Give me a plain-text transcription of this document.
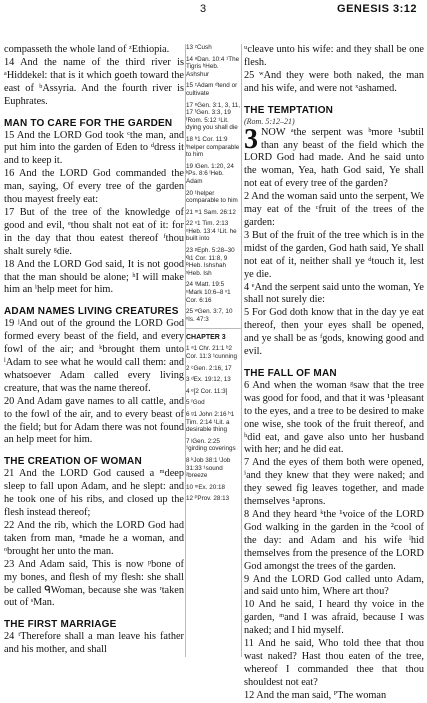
3	GENESIS 3:12

compasseth the whole land of ᶻEthiopia.

14 And the name of the third river is ᵃHiddekel: that is it which goeth toward the east of ᵇAssyria. And the fourth river is Euphrates.

MAN TO CARE FOR THE GARDEN

15 And the LORD God took ᶜthe man, and put him into the garden of Eden to ᵈdress it and to keep it.

16 And the LORD God commanded the man, saying, Of every tree of the garden thou mayest freely eat:

17 But of the tree of the knowledge of good and evil, ᵉthou shalt not eat of it: for in the day that thou eatest thereof ᶠthou shalt surely ᵍdie.

18 And the LORD God said, It is not good that the man should be alone; ʰI will make him an ⁱhelp meet for him.

ADAM NAMES LIVING CREATURES

19 ʲAnd out of the ground the LORD God formed every beast of the field, and every fowl of the air; and ᵏbrought them unto ˡAdam to see what he would call them: and whatsoever Adam called every living creature, that was the name thereof.

20 And Adam gave names to all cattle, and to the fowl of the air, and to every beast of the field; but for Adam there was not found an help meet for him.

THE CREATION OF WOMAN

21 And the LORD God caused a ᵐdeep sleep to fall upon Adam, and he slept: and he took one of his ribs, and closed up the flesh instead thereof;

22 And the rib, which the LORD God had taken from man, ⁿmade he a woman, and ᵒbrought her unto the man.

23 And Adam said, This is now ᵖbone of my bones, and flesh of my flesh: she shall be called ᑫWoman, because she was ʳtaken out of ˢMan.

THE FIRST MARRIAGE

24 ᵗTherefore shall a man leave his father and his mother, and shall

13 ᶻCush
14 ᵃDan. 10:4 ¹The Tigris ᵇHeb. Ashshur
15 ᶜAdam ᵈtend or cultivate
17 ᵉGen. 3:1, 3, 11, 17 ᶠGen. 3:3, 19 ᶠRom. 5:12 ¹Lit. dying you shall die
18 ʰ1 Cor. 11:9 ⁱhelper comparable to him
19 ʲGen. 1:20, 24 ᵏPs. 8:6 ˡHeb. Adam
20 ¹helper comparable to him
21 ᵐ1 Sam. 26:12
22 ⁿ1 Tim. 2:13 ᵒHeb. 13:4 ¹Lit. he built into
23 ᵖEph. 5:28–30 ᑫ1 Cor. 11:8, 9 ᴿHeb. Ishshah ˢHeb. Ish
24 ᵗMatt. 19:5 ᵘMark 10:6–8 ᵛ1 Cor. 6:16
25 ʷGen. 3:7, 10 ˣIs. 47:3
CHAPTER 3
1 ᵃ1 Chr. 21:1 ᵇ2 Cor. 11:3 ¹cunning
2 ᶜGen. 2:16, 17
3 ᵈEx. 19:12, 13
4 ᵉ[2 Cor. 11:3]
5 ᶠGod
6 ᵍ1 John 2:16 ʰ1 Tim. 2:14 ¹Lit. a desirable thing
7 ʲGen. 2:25 ¹girding coverings
8 ᵏJob 38:1 ˡJob 31:33 ¹sound ²breeze
10 ᵐEx. 20:18
12 ᴾProv. 28:13

ᵘcleave unto his wife: and they shall be one flesh.

25 ʷAnd they were both naked, the man and his wife, and were not ˣashamed.

THE TEMPTATION

(Rom. 5:12–21)

3 NOW ᵃthe serpent was ᵇmore ¹subtil than any beast of the field which the LORD God had made. And he said unto the woman, Yea, hath God said, Ye shall not eat of every tree of the garden?

2 And the woman said unto the serpent, We may eat of the ᶜfruit of the trees of the garden:

3 But of the fruit of the tree which is in the midst of the garden, God hath said, Ye shall not eat of it, neither shall ye ᵈtouch it, lest ye die.

4 ᵉAnd the serpent said unto the woman, Ye shall not surely die:

5 For God doth know that in the day ye eat thereof, then your eyes shall be opened, and ye shall be as ᶠgods, knowing good and evil.

THE FALL OF MAN

6 And when the woman ᵍsaw that the tree was good for food, and that it was ¹pleasant to the eyes, and a tree to be desired to make one wise, she took of the fruit thereof, and ʰdid eat, and gave also unto her husband with her; and he did eat.

7 And the eyes of them both were opened, ⁱand they knew that they were naked; and they sewed fig leaves together, and made themselves ¹aprons.

8 And they heard ᵏthe ¹voice of the LORD God walking in the garden in the ²cool of the day: and Adam and his wife ˡhid themselves from the presence of the LORD God amongst the trees of the garden.

9 And the LORD God called unto Adam, and said unto him, Where art thou?

10 And he said, I heard thy voice in the garden, ᵐand I was afraid, because I was naked; and I hid myself.

11 And he said, Who told thee that thou wast naked? Hast thou eaten of the tree, whereof I commanded thee that thou shouldest not eat?

12 And the man said, ᴾThe woman
